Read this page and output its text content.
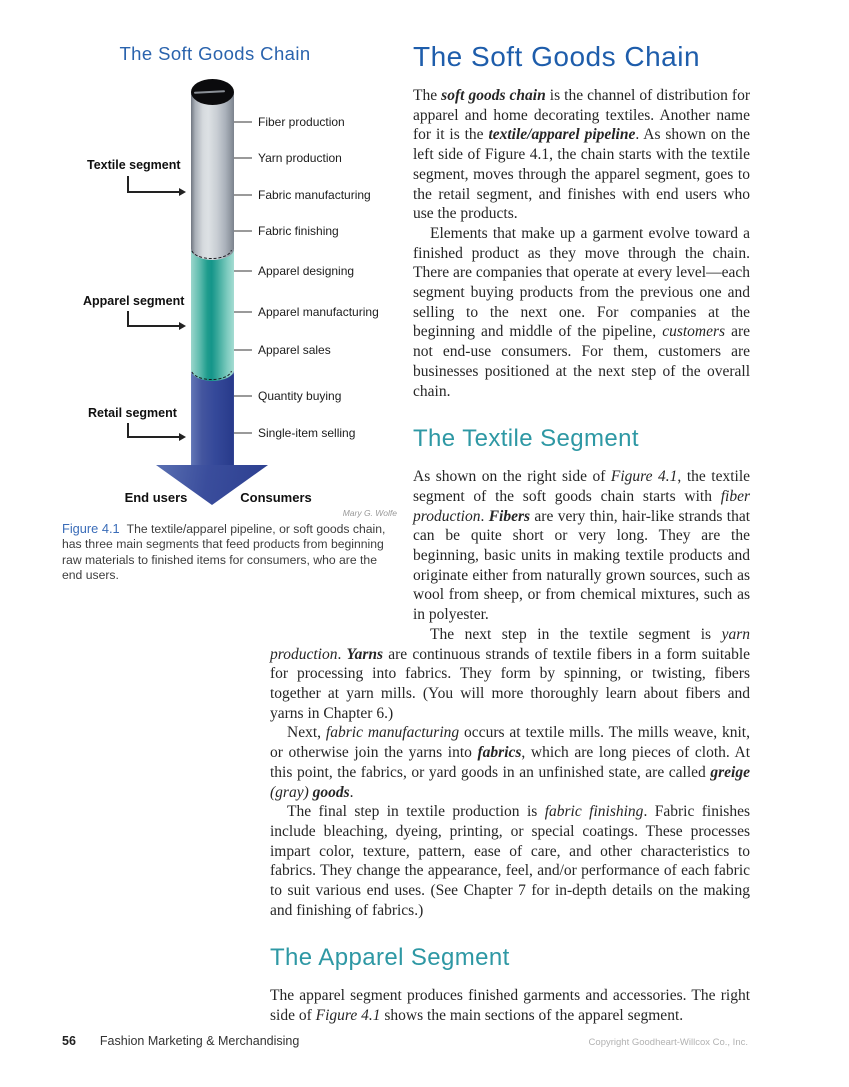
The Soft Goods Chain
Fiber production
Yarn production
Fabric manufacturing
Fabric finishing
Apparel designing
Apparel manufacturing
Apparel sales
Quantity buying
Single-item selling
Textile segment
Apparel segment
Retail segment
End users	Consumers
Mary G. Wolfe
Figure 4.1 The textile/apparel pipeline, or soft goods chain, has three main segments that feed products from beginning raw materials to finished items for consumers, who are the end users.
The Soft Goods Chain

The soft goods chain is the channel of distribution for apparel and home decorating textiles. Another name for it is the textile/apparel pipeline. As shown on the left side of Figure 4.1, the chain starts with the textile segment, moves through the apparel segment, goes to the retail segment, and finishes with end users who use the products.

Elements that make up a garment evolve toward a finished product as they move through the chain. There are companies that operate at every level—each segment buying products from the previous one and selling to the next one. For companies at the beginning and middle of the pipeline, customers are not end-use consumers. For them, customers are businesses positioned at the next step of the overall chain.

The Textile Segment

As shown on the right side of Figure 4.1, the textile segment of the soft goods chain starts with fiber production. Fibers are very thin, hair-like strands that can be quite short or very long. They are the beginning, basic units in making textile products and originate either from naturally grown sources, such as wool from sheep, or from chemical mixtures, such as in polyester.

The next step in the textile segment is yarn production. Yarns are continuous strands of textile fibers in a form suitable for processing into fabrics. They form by spinning, or twisting, fibers together at yarn mills. (You will more thoroughly learn about fibers and yarns in Chapter 6.)

Next, fabric manufacturing occurs at textile mills. The mills weave, knit, or otherwise join the yarns into fabrics, which are long pieces of cloth. At this point, the fabrics, or yard goods in an unfinished state, are called greige (gray) goods.

The final step in textile production is fabric finishing. Fabric finishes include bleaching, dyeing, printing, or special coatings. These processes impart color, texture, pattern, ease of care, and other characteristics to fabrics. They change the appearance, feel, and/or performance of each fabric to suit various end uses. (See Chapter 7 for in-depth details on the making and finishing of fabrics.)

The Apparel Segment

The apparel segment produces finished garments and accessories. The right side of Figure 4.1 shows the main sections of the apparel segment.

56 Fashion Marketing & Merchandising	Copyright Goodheart-Willcox Co., Inc.
